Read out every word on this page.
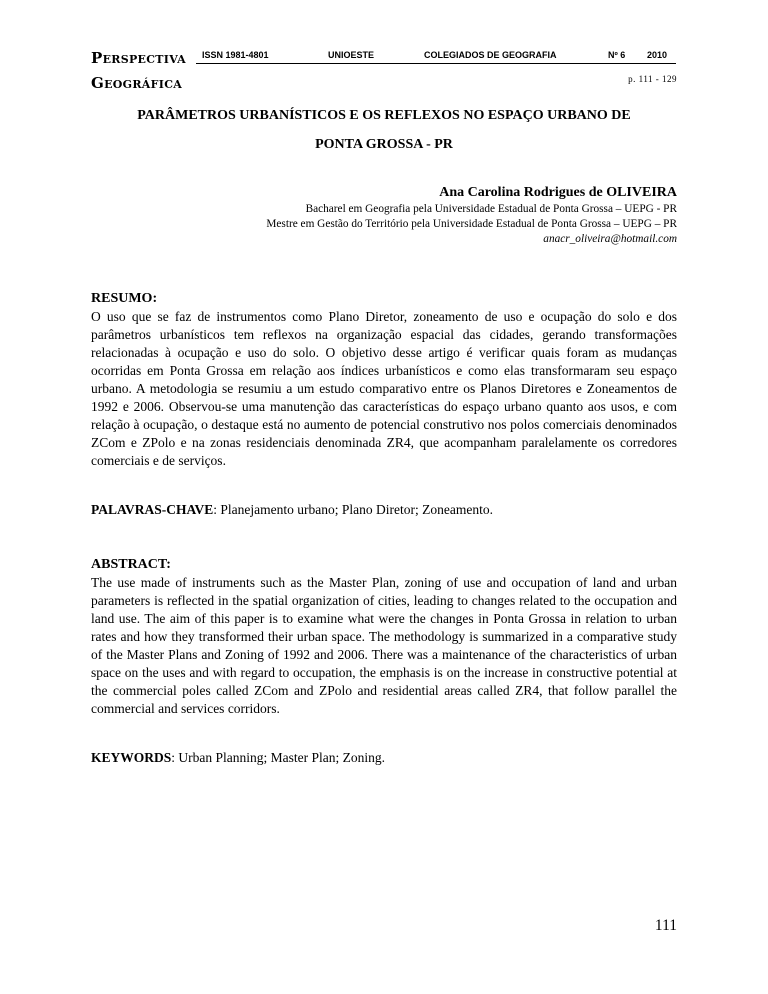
Perspectiva
Geográfica
ISSN 1981-4801	UNIOESTE	COLEGIADOS DE GEOGRAFIA	Nº 6 2010
p. 111 - 129
PARÂMETROS URBANÍSTICOS E OS REFLEXOS NO ESPAÇO URBANO DE
PONTA GROSSA - PR
Ana Carolina Rodrigues de OLIVEIRA
Bacharel em Geografia pela Universidade Estadual de Ponta Grossa – UEPG - PR
Mestre em Gestão do Território pela Universidade Estadual de Ponta Grossa – UEPG – PR
anacr_oliveira@hotmail.com
RESUMO:
O uso que se faz de instrumentos como Plano Diretor, zoneamento de uso e ocupação do solo e dos parâmetros urbanísticos tem reflexos na organização espacial das cidades, gerando transformações relacionadas à ocupação e uso do solo. O objetivo desse artigo é verificar quais foram as mudanças ocorridas em Ponta Grossa em relação aos índices urbanísticos e como elas transformaram seu espaço urbano. A metodologia se resumiu a um estudo comparativo entre os Planos Diretores e Zoneamentos de 1992 e 2006. Observou-se uma manutenção das características do espaço urbano quanto aos usos, e com relação à ocupação, o destaque está no aumento de potencial construtivo nos polos comerciais denominados ZCom e ZPolo e na zonas residenciais denominada ZR4, que acompanham paralelamente os corredores comerciais e de serviços.
PALAVRAS-CHAVE: Planejamento urbano; Plano Diretor; Zoneamento.
ABSTRACT:
The use made of instruments such as the Master Plan, zoning of use and occupation of land and urban parameters is reflected in the spatial organization of cities, leading to changes related to the occupation and land use. The aim of this paper is to examine what were the changes in Ponta Grossa in relation to urban rates and how they transformed their urban space. The methodology is summarized in a comparative study of the Master Plans and Zoning of 1992 and 2006. There was a maintenance of the characteristics of urban space on the uses and with regard to occupation, the emphasis is on the increase in constructive potential at the commercial poles called ZCom and ZPolo and residential areas called ZR4, that follow parallel the commercial and services corridors.
KEYWORDS: Urban Planning; Master Plan; Zoning.
111
